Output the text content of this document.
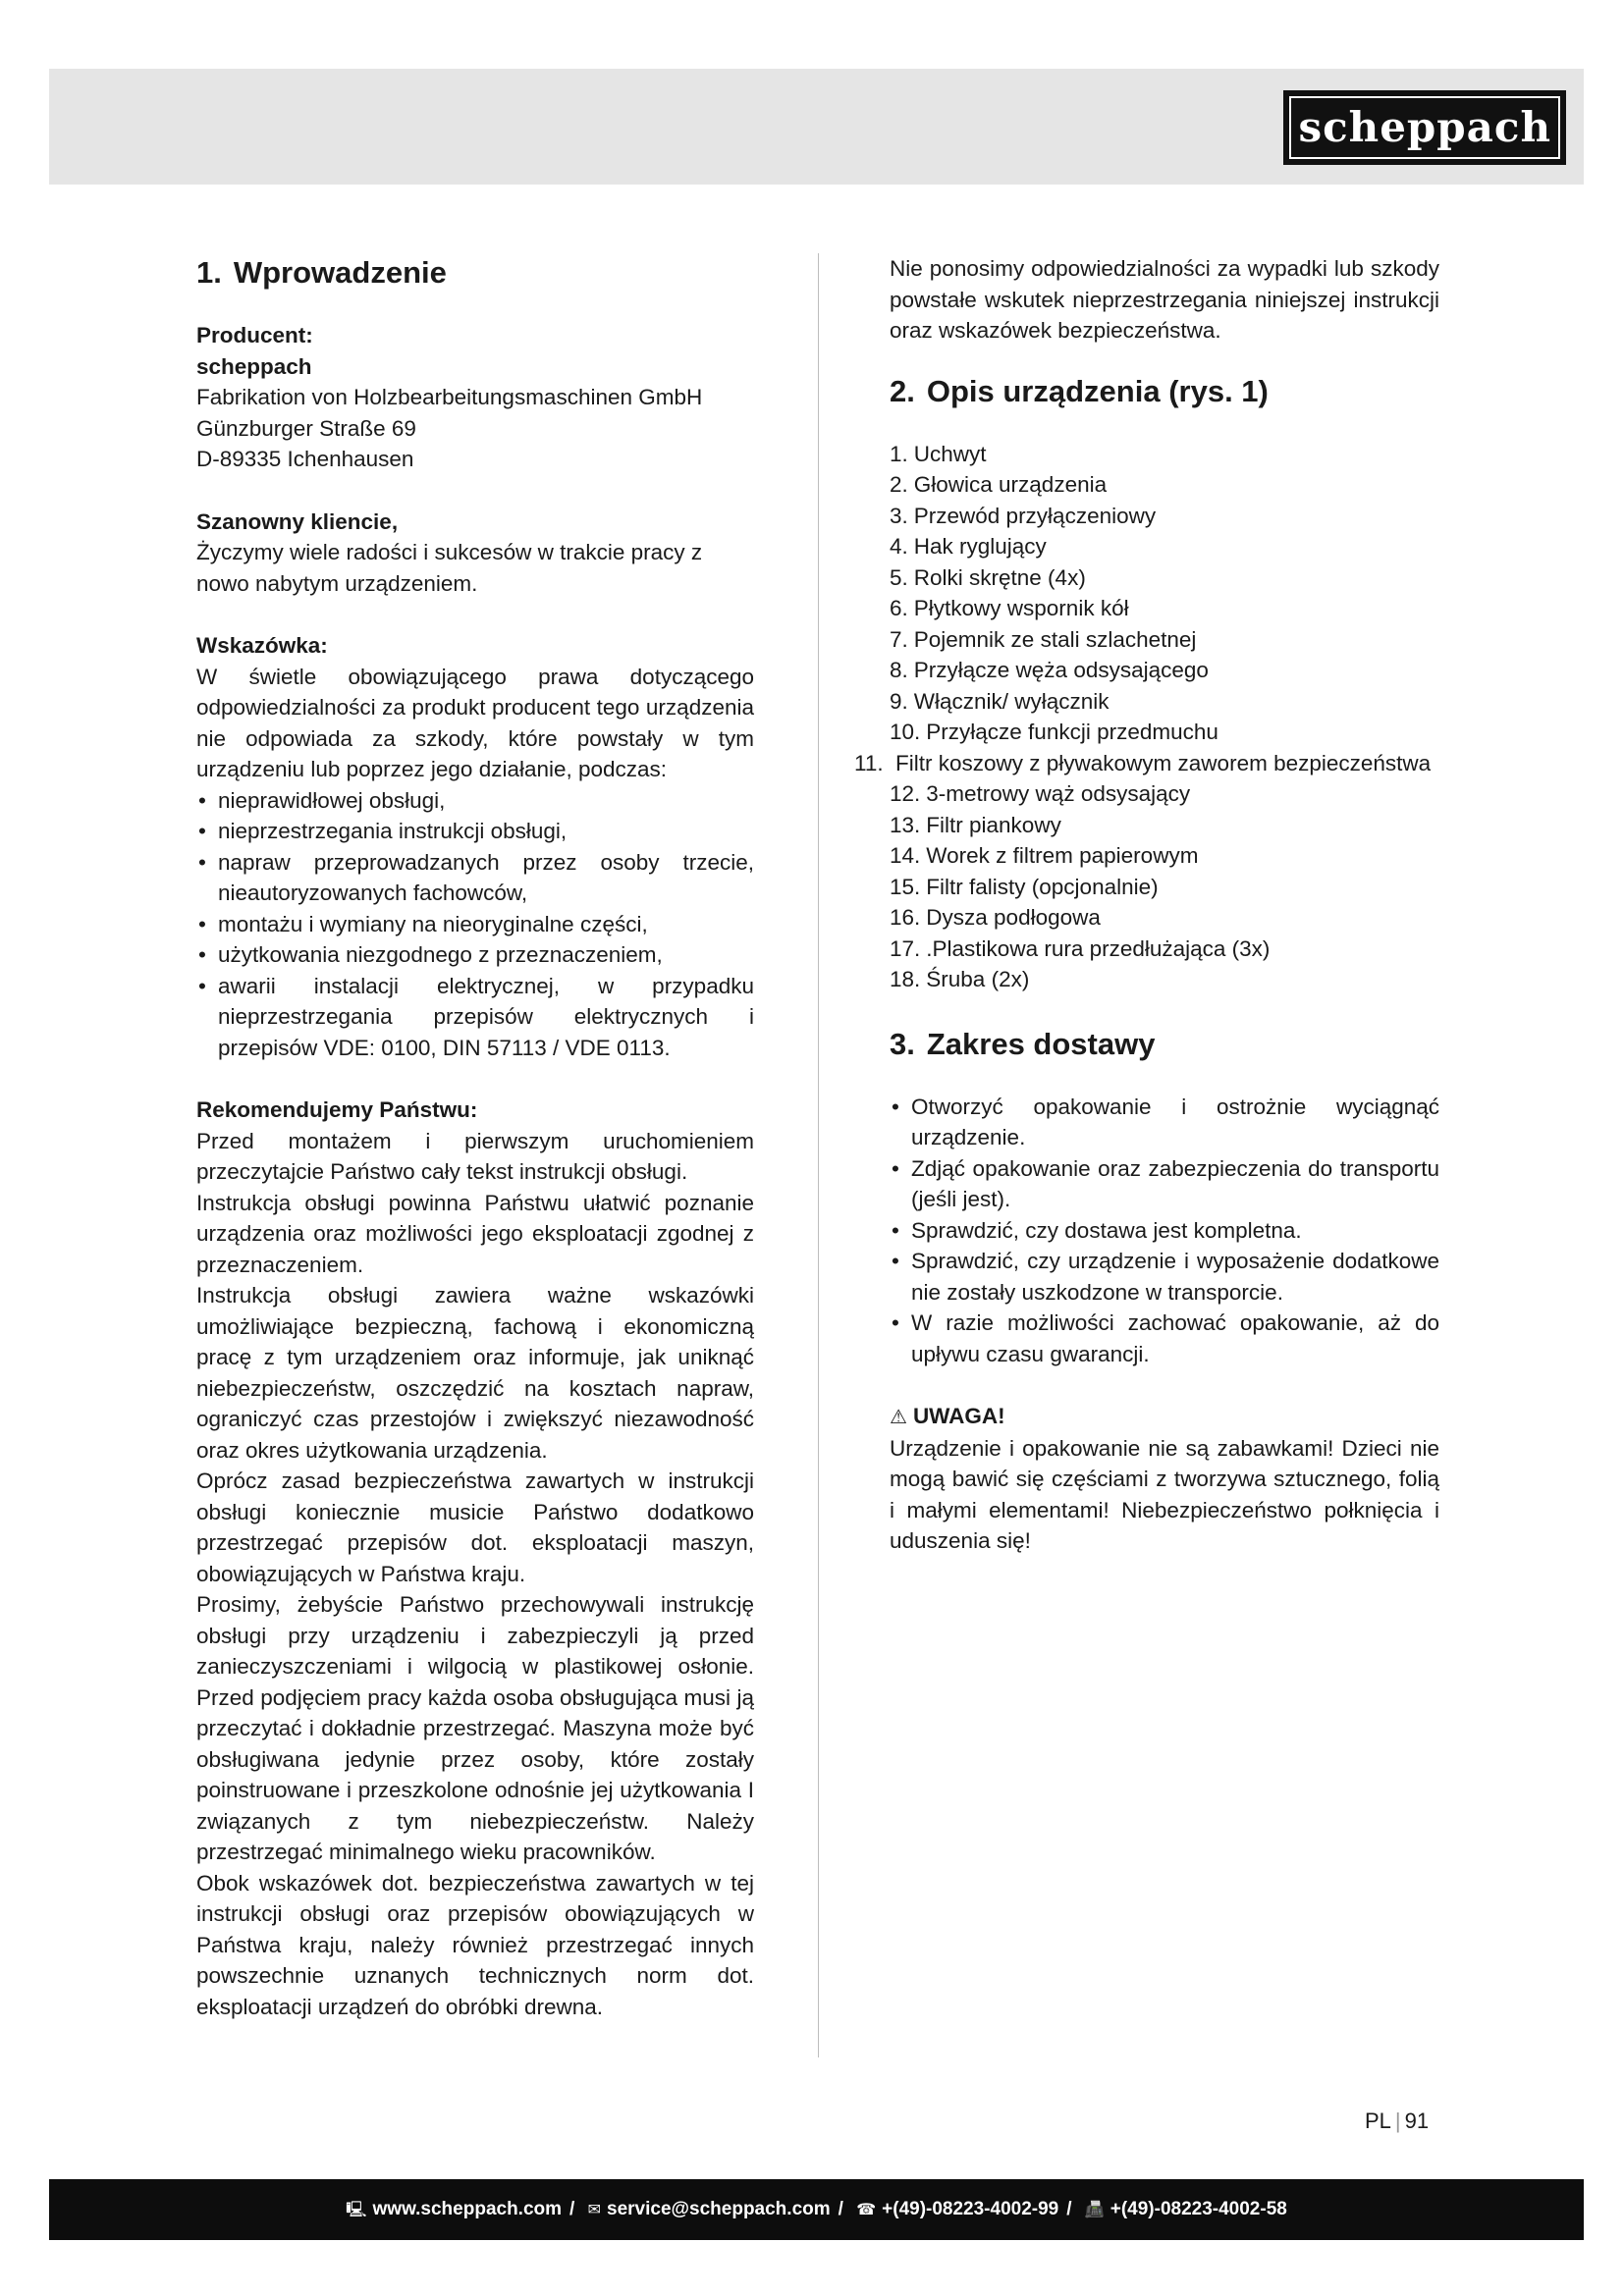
scheppach
1. Wprowadzenie

Producent:

scheppach

Fabrikation von Holzbearbeitungsmaschinen GmbH

Günzburger Straße 69

D-89335 Ichenhausen

Szanowny kliencie,

Życzymy wiele radości i sukcesów w trakcie pracy z nowo nabytym urządzeniem.

Wskazówka:

W świetle obowiązującego prawa dotyczącego odpowiedzialności za produkt producent tego urządzenia nie odpowiada za szkody, które powstały w tym urządzeniu lub poprzez jego działanie, podczas:

• nieprawidłowej obsługi,
• nieprzestrzegania instrukcji obsługi,
• napraw przeprowadzanych przez osoby trzecie, nieautoryzowanych fachowców,
• montażu i wymiany na nieoryginalne części,
• użytkowania niezgodnego z przeznaczeniem,
• awarii instalacji elektrycznej, w przypadku nieprzestrzegania przepisów elektrycznych i przepisów VDE: 0100, DIN 57113 / VDE 0113.

Rekomendujemy Państwu:

Przed montażem i pierwszym uruchomieniem przeczytajcie Państwo cały tekst instrukcji obsługi.

Instrukcja obsługi powinna Państwu ułatwić poznanie urządzenia oraz możliwości jego eksploatacji zgodnej z przeznaczeniem.

Instrukcja obsługi zawiera ważne wskazówki umożliwiające bezpieczną, fachową i ekonomiczną pracę z tym urządzeniem oraz informuje, jak uniknąć niebezpieczeństw, oszczędzić na kosztach napraw, ograniczyć czas przestojów i zwiększyć niezawodność oraz okres użytkowania urządzenia.

Oprócz zasad bezpieczeństwa zawartych w instrukcji obsługi koniecznie musicie Państwo dodatkowo przestrzegać przepisów dot. eksploatacji maszyn, obowiązujących w Państwa kraju.

Prosimy, żebyście Państwo przechowywali instrukcję obsługi przy urządzeniu i zabezpieczyli ją przed zanieczyszczeniami i wilgocią w plastikowej osłonie. Przed podjęciem pracy każda osoba obsługująca musi ją przeczytać i dokładnie przestrzegać. Maszyna może być obsługiwana jedynie przez osoby, które zostały poinstruowane i przeszkolone odnośnie jej użytkowania I związanych z tym niebezpieczeństw. Należy przestrzegać minimalnego wieku pracowników.

Obok wskazówek dot. bezpieczeństwa zawartych w tej instrukcji obsługi oraz przepisów obowiązujących w Państwa kraju, należy również przestrzegać innych powszechnie uznanych technicznych norm dot. eksploatacji urządzeń do obróbki drewna.

Nie ponosimy odpowiedzialności za wypadki lub szkody powstałe wskutek nieprzestrzegania niniejszej instrukcji oraz wskazówek bezpieczeństwa.

2. Opis urządzenia (rys. 1)
1. Uchwyt
2. Głowica urządzenia
3. Przewód przyłączeniowy
4. Hak ryglujący
5. Rolki skrętne (4x)
6. Płytkowy wspornik kół
7. Pojemnik ze stali szlachetnej
8. Przyłącze węża odsysającego
9. Włącznik/ wyłącznik
10. Przyłącze funkcji przedmuchu
11. Filtr koszowy z pływakowym zaworem bezpieczeństwa
12. 3-metrowy wąż odsysający
13. Filtr piankowy
14. Worek z filtrem papierowym
15. Filtr falisty (opcjonalnie)
16. Dysza podłogowa
17. .Plastikowa rura przedłużająca (3x)
18. Śruba (2x)
3. Zakres dostawy
• Otworzyć opakowanie i ostrożnie wyciągnąć urządzenie.
• Zdjąć opakowanie oraz zabezpieczenia do transportu (jeśli jest).
• Sprawdzić, czy dostawa jest kompletna.
• Sprawdzić, czy urządzenie i wyposażenie dodatkowe nie zostały uszkodzone w transporcie.
• W razie możliwości zachować opakowanie, aż do upływu czasu gwarancji.

⚠ UWAGA!

Urządzenie i opakowanie nie są zabawkami! Dzieci nie mogą bawić się częściami z tworzywa sztucznego, folią i małymi elementami! Niebezpieczeństwo połknięcia i uduszenia się!

PL | 91
🖳 www.scheppach.com / ✉ service@scheppach.com / ☎ +(49)-08223-4002-99 / 📠 +(49)-08223-4002-58
